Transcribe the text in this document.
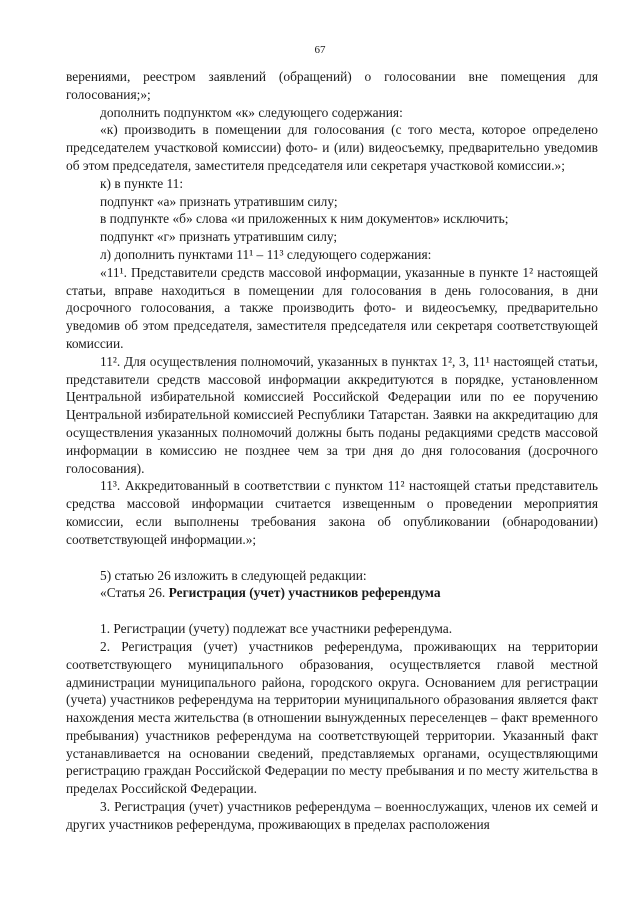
67

верениями, реестром заявлений (обращений) о голосовании вне помещения для голосования;»;

дополнить подпунктом «к» следующего содержания:

«к) производить в помещении для голосования (с того места, которое определено председателем участковой комиссии) фото- и (или) видеосъемку, предварительно уведомив об этом председателя, заместителя председателя или секретаря участковой комиссии.»;

к) в пункте 11:

подпункт «а» признать утратившим силу;

в подпункте «б» слова «и приложенных к ним документов» исключить;

подпункт «г» признать утратившим силу;

л) дополнить пунктами 11¹ – 11³ следующего содержания:

«11¹. Представители средств массовой информации, указанные в пункте 1² настоящей статьи, вправе находиться в помещении для голосования в день голосования, в дни досрочного голосования, а также производить фото- и видеосъемку, предварительно уведомив об этом председателя, заместителя председателя или секретаря соответствующей комиссии.

11². Для осуществления полномочий, указанных в пунктах 1², 3, 11¹ настоящей статьи, представители средств массовой информации аккредитуются в порядке, установленном Центральной избирательной комиссией Российской Федерации или по ее поручению Центральной избирательной комиссией Республики Татарстан. Заявки на аккредитацию для осуществления указанных полномочий должны быть поданы редакциями средств массовой информации в комиссию не позднее чем за три дня до дня голосования (досрочного голосования).

11³. Аккредитованный в соответствии с пунктом 11² настоящей статьи представитель средства массовой информации считается извещенным о проведении мероприятия комиссии, если выполнены требования закона об опубликовании (обнародовании) соответствующей информации.»;

5) статью 26 изложить в следующей редакции:

«Статья 26. Регистрация (учет) участников референдума

1. Регистрации (учету) подлежат все участники референдума.

2. Регистрация (учет) участников референдума, проживающих на территории соответствующего муниципального образования, осуществляется главой местной администрации муниципального района, городского округа. Основанием для регистрации (учета) участников референдума на территории муниципального образования является факт нахождения места жительства (в отношении вынужденных переселенцев – факт временного пребывания) участников референдума на соответствующей территории. Указанный факт устанавливается на основании сведений, представляемых органами, осуществляющими регистрацию граждан Российской Федерации по месту пребывания и по месту жительства в пределах Российской Федерации.

3. Регистрация (учет) участников референдума – военнослужащих, членов их семей и других участников референдума, проживающих в пределах расположения
